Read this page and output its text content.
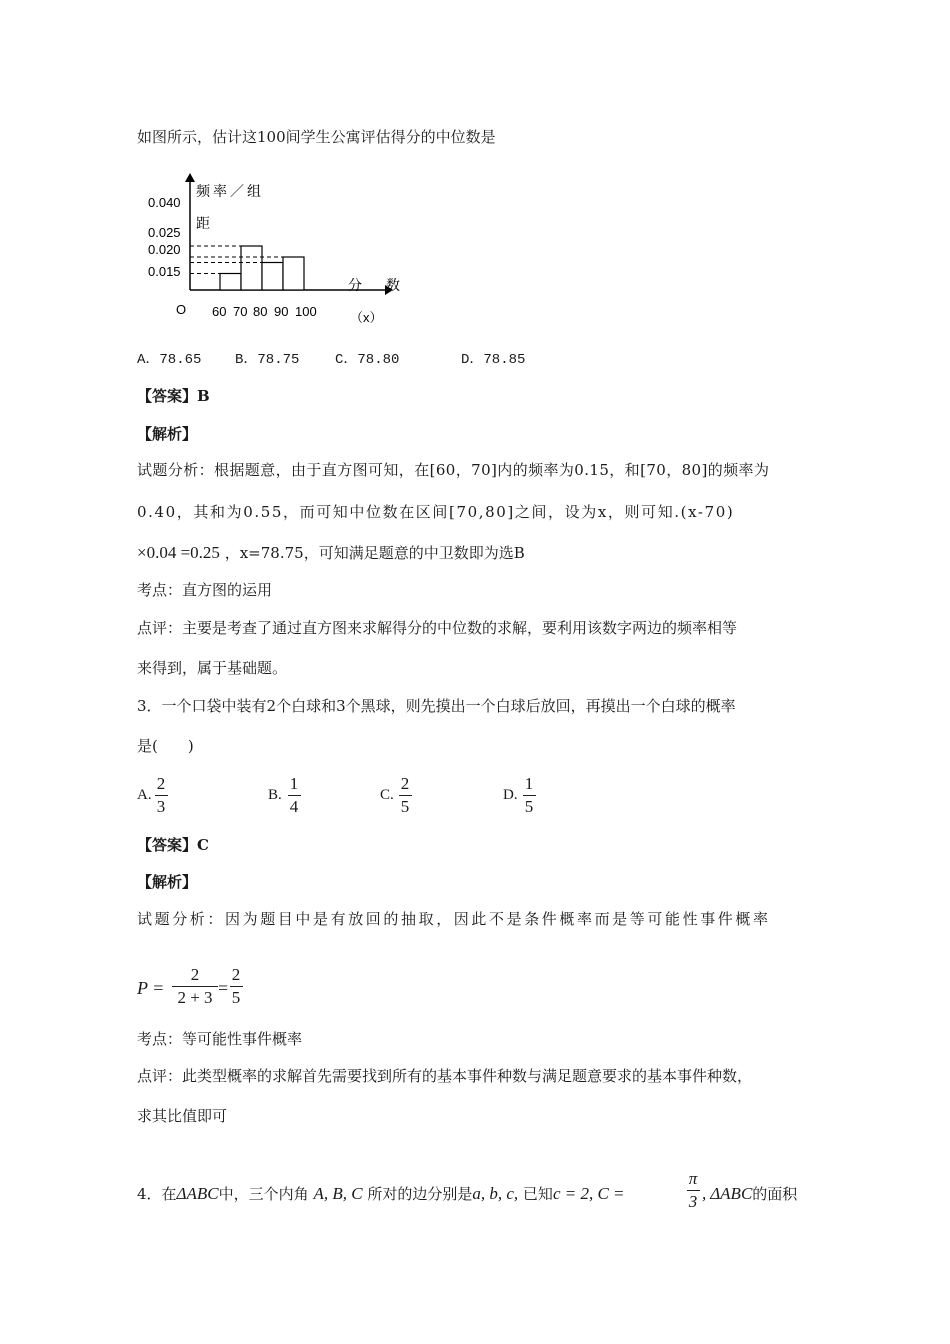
如图所示，估计这100间学生公寓评估得分的中位数是
0.040
0.025
0.020
0.015
60 70 80 90 100
O
频率／组
距
分数
（x）
A．78.65 B．78.75	C．78.80	D．78.85
【答案】B
【解析】
试题分析：根据题意，由于直方图可知，在[60，70]内的频率为0.15，和[70，80]的频率为
0.40，其和为0.55，而可知中位数在区间[70,80]之间，设为x，则可知.(x-70)
×0.04 =0.25 ，x=78.75，可知满足题意的中卫数即为选B
考点：直方图的运用
点评：主要是考查了通过直方图来求解得分的中位数的求解，要利用该数字两边的频率相等
来得到，属于基础题。
3．一个口袋中装有2个白球和3个黑球，则先摸出一个白球后放回，再摸出一个白球的概率
是(　　)
A.
2
3
B.
1
4
C.
2
5
D.
1
5
【答案】C
【解析】
试题分析：因为题目中是有放回的抽取，因此不是条件概率而是等可能性事件概率
P =
2
2 + 3 =
2
5
考点：等可能性事件概率
点评：此类型概率的求解首先需要找到所有的基本事件种数与满足题意要求的基本事件种数，
求其比值即可
4．在ΔABC中，三个内角 A, B, C 所对的边分别是a, b, c, 已知c = 2, C =
π
3 , ΔABC的面积
